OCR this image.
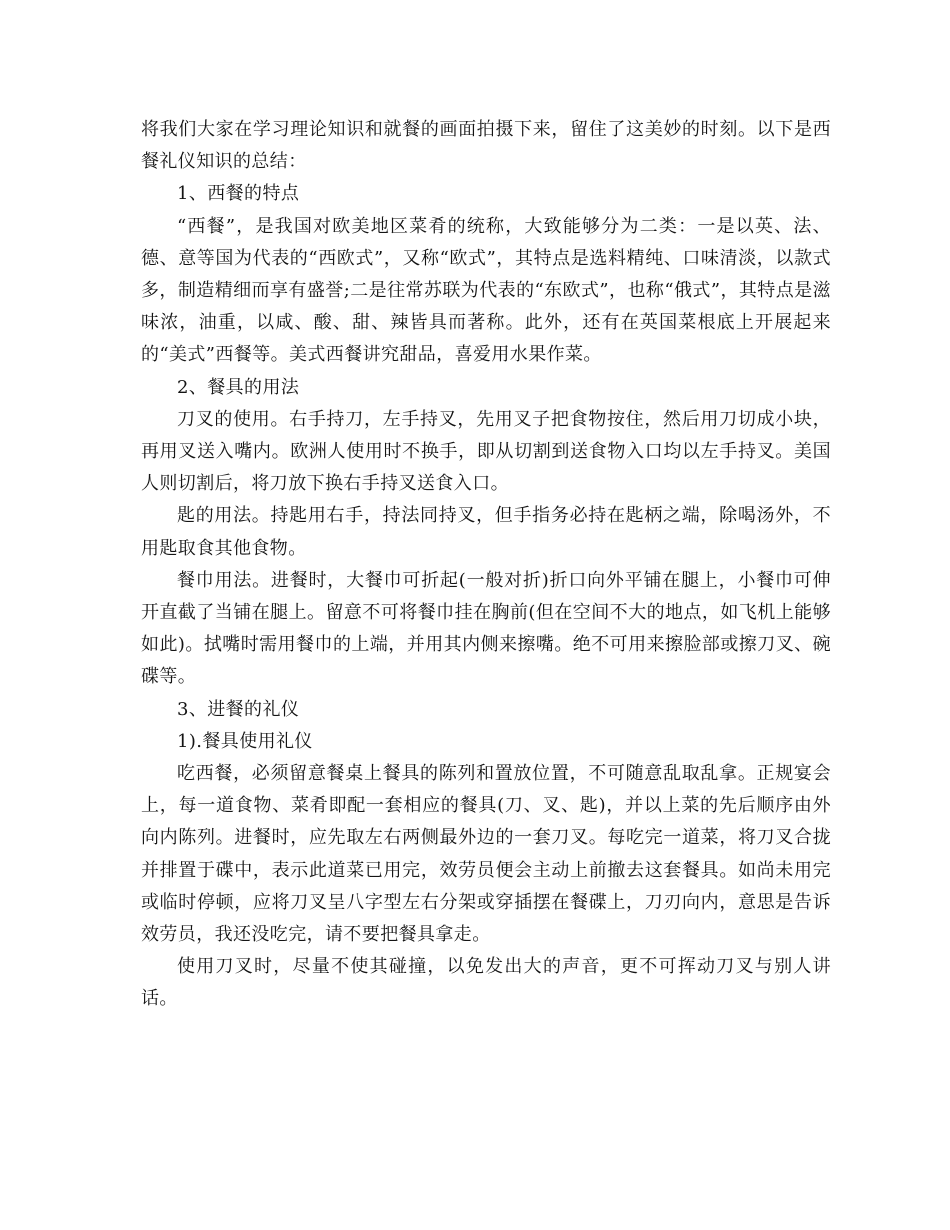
将我们大家在学习理论知识和就餐的画面拍摄下来，留住了这美妙的时刻。以下是西餐礼仪知识的总结：

1、西餐的特点

“西餐”，是我国对欧美地区菜肴的统称，大致能够分为二类：一是以英、法、德、意等国为代表的“西欧式”，又称“欧式”，其特点是选料精纯、口味清淡，以款式多，制造精细而享有盛誉;二是往常苏联为代表的“东欧式”，也称“俄式”，其特点是滋味浓，油重，以咸、酸、甜、辣皆具而著称。此外，还有在英国菜根底上开展起来的“美式”西餐等。美式西餐讲究甜品，喜爱用水果作菜。

2、餐具的用法

刀叉的使用。右手持刀，左手持叉，先用叉子把食物按住，然后用刀切成小块，再用叉送入嘴内。欧洲人使用时不换手，即从切割到送食物入口均以左手持叉。美国人则切割后，将刀放下换右手持叉送食入口。

匙的用法。持匙用右手，持法同持叉，但手指务必持在匙柄之端，除喝汤外，不用匙取食其他食物。

餐巾用法。进餐时，大餐巾可折起(一般对折)折口向外平铺在腿上，小餐巾可伸开直截了当铺在腿上。留意不可将餐巾挂在胸前(但在空间不大的地点，如飞机上能够如此)。拭嘴时需用餐巾的上端，并用其内侧来擦嘴。绝不可用来擦脸部或擦刀叉、碗碟等。

3、进餐的礼仪

1).餐具使用礼仪

吃西餐，必须留意餐桌上餐具的陈列和置放位置，不可随意乱取乱拿。正规宴会上，每一道食物、菜肴即配一套相应的餐具(刀、叉、匙)，并以上菜的先后顺序由外向内陈列。进餐时，应先取左右两侧最外边的一套刀叉。每吃完一道菜，将刀叉合拢并排置于碟中，表示此道菜已用完，效劳员便会主动上前撤去这套餐具。如尚未用完或临时停顿，应将刀叉呈八字型左右分架或穿插摆在餐碟上，刀刃向内，意思是告诉效劳员，我还没吃完，请不要把餐具拿走。

使用刀叉时，尽量不使其碰撞，以免发出大的声音，更不可挥动刀叉与别人讲话。
